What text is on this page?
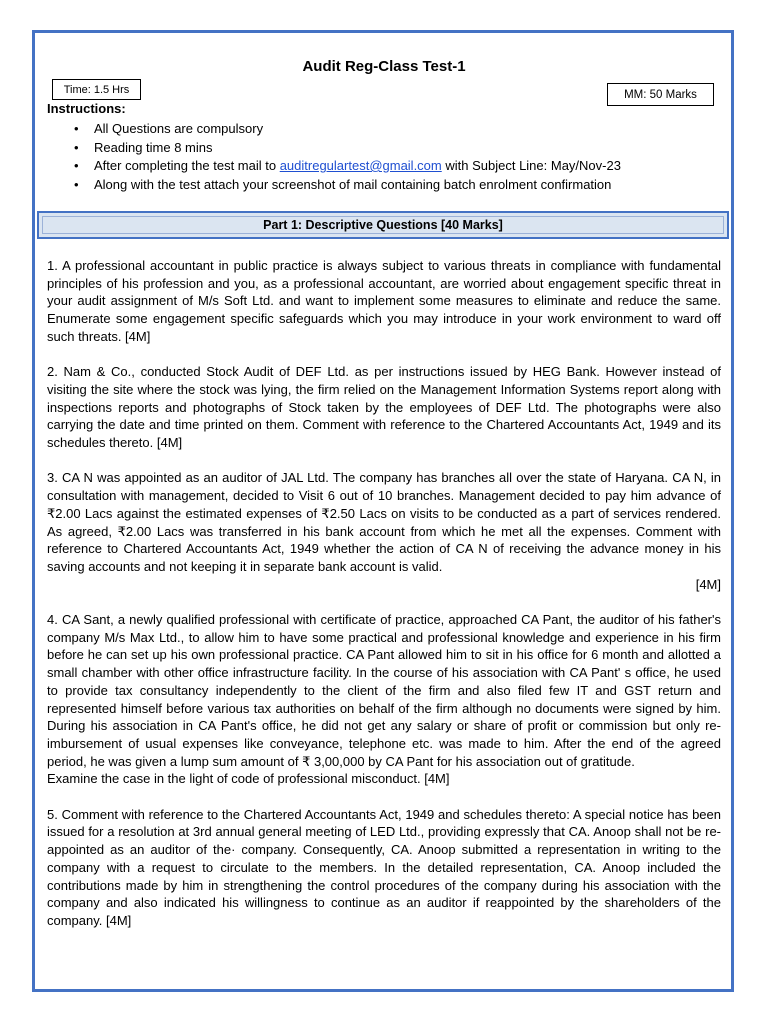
Audit Reg-Class Test-1
Time: 1.5 Hrs	MM: 50 Marks
Instructions:
• All Questions are compulsory
• Reading time 8 mins
• After completing the test mail to auditregulartest@gmail.com with Subject Line: May/Nov-23
• Along with the test attach your screenshot of mail containing batch enrolment confirmation
Part 1: Descriptive Questions [40 Marks]

1. A professional accountant in public practice is always subject to various threats in compliance with fundamental principles of his profession and you, as a professional accountant, are worried about engagement specific threat in your audit assignment of M/s Soft Ltd. and want to implement some measures to eliminate and reduce the same. Enumerate some engagement specific safeguards which you may introduce in your work environment to ward off such threats. [4M]

2. Nam & Co., conducted Stock Audit of DEF Ltd. as per instructions issued by HEG Bank. However instead of visiting the site where the stock was lying, the firm relied on the Management Information Systems report along with inspections reports and photographs of Stock taken by the employees of DEF Ltd. The photographs were also carrying the date and time printed on them. Comment with reference to the Chartered Accountants Act, 1949 and its schedules thereto. [4M]

3. CA N was appointed as an auditor of JAL Ltd. The company has branches all over the state of Haryana. CA N, in consultation with management, decided to Visit 6 out of 10 branches. Management decided to pay him advance of ₹2.00 Lacs against the estimated expenses of ₹2.50 Lacs on visits to be conducted as a part of services rendered. As agreed, ₹2.00 Lacs was transferred in his bank account from which he met all the expenses. Comment with reference to Chartered Accountants Act, 1949 whether the action of CA N of receiving the advance money in his saving accounts and not keeping it in separate bank account is valid.
[4M]

4. CA Sant, a newly qualified professional with certificate of practice, approached CA Pant, the auditor of his father's company M/s Max Ltd., to allow him to have some practical and professional knowledge and experience in his firm before he can set up his own professional practice. CA Pant allowed him to sit in his office for 6 month and allotted a small chamber with other office infrastructure facility. In the course of his association with CA Pant' s office, he used to provide tax consultancy independently to the client of the firm and also filed few IT and GST return and represented himself before various tax authorities on behalf of the firm although no documents were signed by him. During his association in CA Pant's office, he did not get any salary or share of profit or commission but only re-imbursement of usual expenses like conveyance, telephone etc. was made to him. After the end of the agreed period, he was given a lump sum amount of ₹ 3,00,000 by CA Pant for his association out of gratitude.
Examine the case in the light of code of professional misconduct. [4M]

5. Comment with reference to the Chartered Accountants Act, 1949 and schedules thereto: A special notice has been issued for a resolution at 3rd annual general meeting of LED Ltd., providing expressly that CA. Anoop shall not be re-appointed as an auditor of the· company. Consequently, CA. Anoop submitted a representation in writing to the company with a request to circulate to the members. In the detailed representation, CA. Anoop included the contributions made by him in strengthening the control procedures of the company during his association with the company and also indicated his willingness to continue as an auditor if reappointed by the shareholders of the company. [4M]
